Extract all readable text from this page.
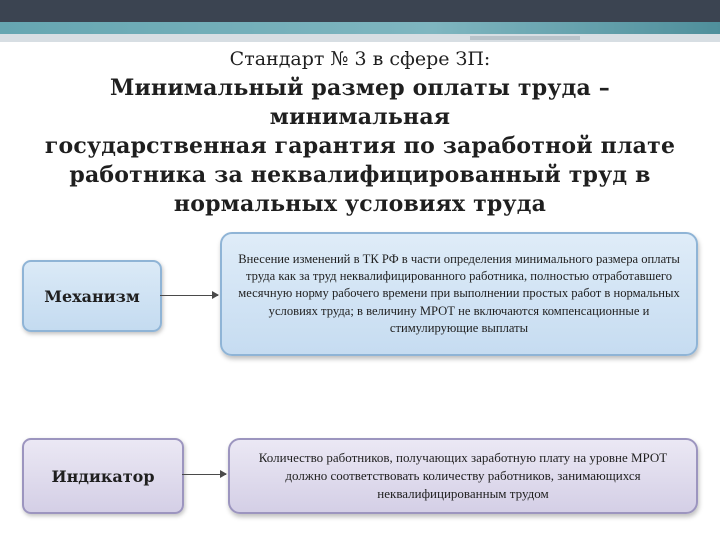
Стандарт № 3 в сфере ЗП:
Минимальный размер оплаты труда – минимальная
государственная гарантия по заработной плате
работника за неквалифицированный труд в
нормальных условиях труда
Механизм
Внесение изменений в ТК РФ в части определения минимального размера оплаты труда как за труд неквалифицированного работника, полностью отработавшего месячную норму рабочего времени при выполнении простых работ в нормальных условиях труда; в величину МРОТ не включаются компенсационные и стимулирующие выплаты
Индикатор
Количество работников, получающих заработную плату на уровне МРОТ должно соответствовать количеству работников, занимающихся неквалифицированным трудом
